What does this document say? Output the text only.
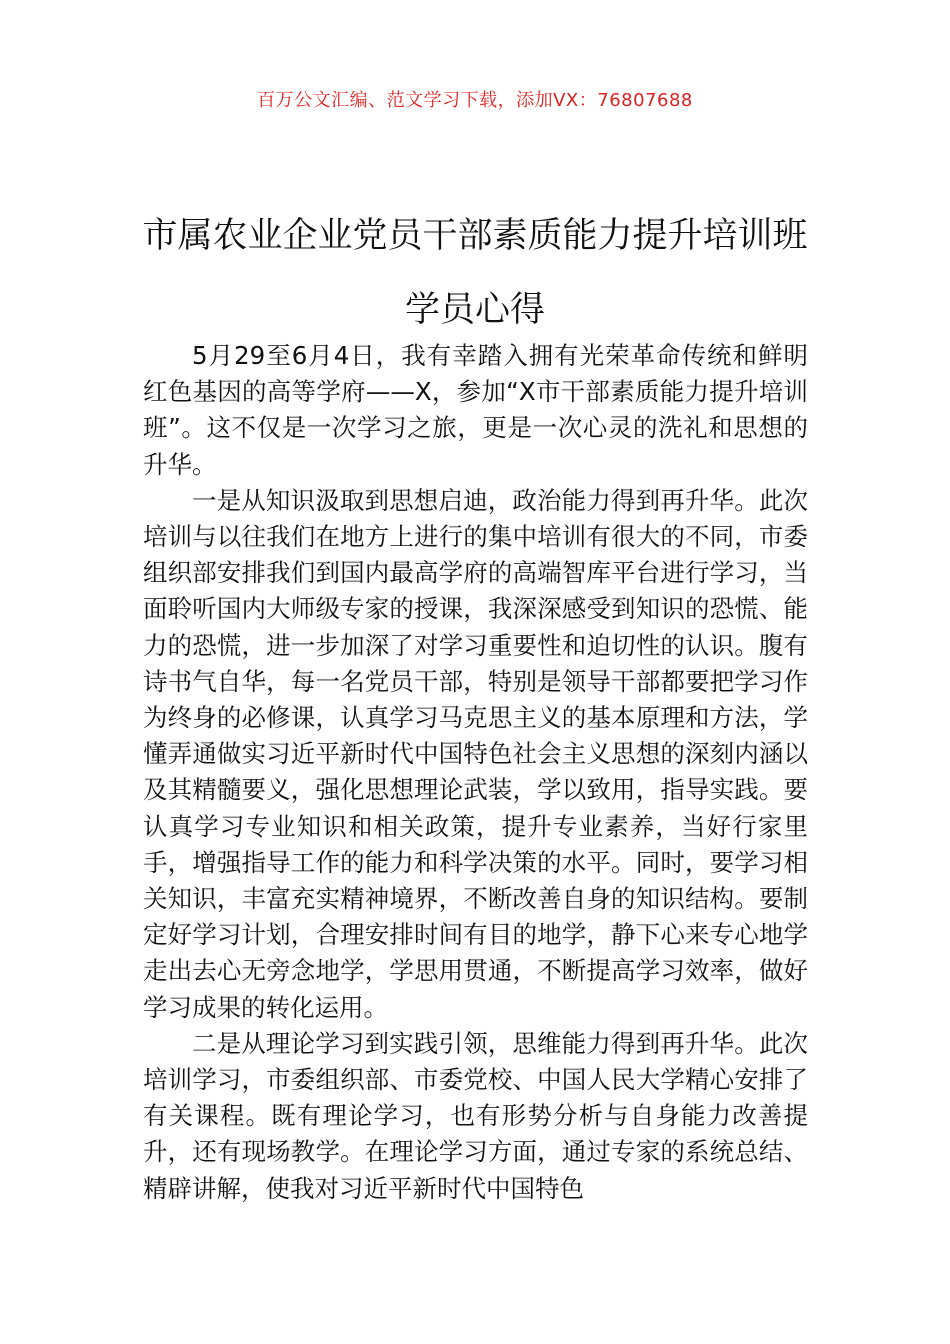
百万公文汇编、范文学习下载，添加VX：76807688
市属农业企业党员干部素质能力提升培训班学员心得

5月29至6月4日，我有幸踏入拥有光荣革命传统和鲜明红色基因的高等学府——X，参加“X市干部素质能力提升培训班”。这不仅是一次学习之旅，更是一次心灵的洗礼和思想的升华。

一是从知识汲取到思想启迪，政治能力得到再升华。此次培训与以往我们在地方上进行的集中培训有很大的不同，市委组织部安排我们到国内最高学府的高端智库平台进行学习，当面聆听国内大师级专家的授课，我深深感受到知识的恐慌、能力的恐慌，进一步加深了对学习重要性和迫切性的认识。腹有诗书气自华，每一名党员干部，特别是领导干部都要把学习作为终身的必修课，认真学习马克思主义的基本原理和方法，学懂弄通做实习近平新时代中国特色社会主义思想的深刻内涵以及其精髓要义，强化思想理论武装，学以致用，指导实践。要认真学习专业知识和相关政策，提升专业素养，当好行家里手，增强指导工作的能力和科学决策的水平。同时，要学习相关知识，丰富充实精神境界，不断改善自身的知识结构。要制定好学习计划，合理安排时间有目的地学，静下心来专心地学走出去心无旁念地学，学思用贯通，不断提高学习效率，做好学习成果的转化运用。

二是从理论学习到实践引领，思维能力得到再升华。此次培训学习，市委组织部、市委党校、中国人民大学精心安排了有关课程。既有理论学习，也有形势分析与自身能力改善提升，还有现场教学。在理论学习方面，通过专家的系统总结、精辟讲解，使我对习近平新时代中国特色
